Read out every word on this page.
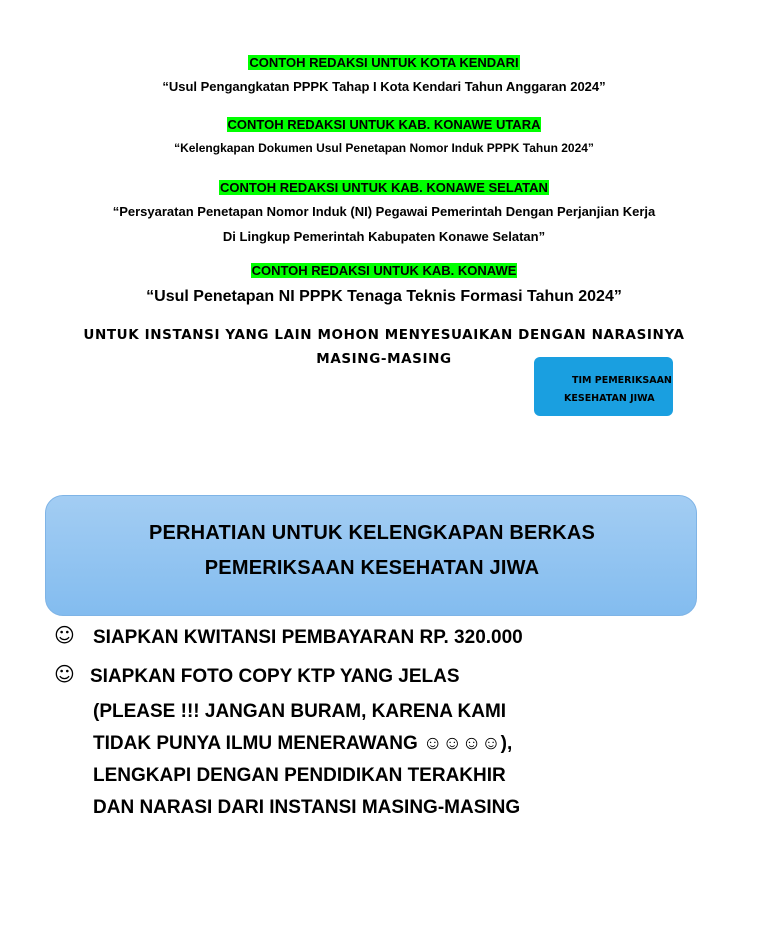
CONTOH REDAKSI UNTUK KOTA KENDARI
“Usul Pengangkatan PPPK Tahap I Kota Kendari Tahun Anggaran 2024”
CONTOH REDAKSI UNTUK KAB. KONAWE UTARA
“Kelengkapan Dokumen Usul Penetapan Nomor Induk PPPK Tahun 2024”
CONTOH REDAKSI UNTUK KAB. KONAWE SELATAN
“Persyaratan Penetapan Nomor Induk (NI) Pegawai Pemerintah Dengan Perjanjian Kerja
Di Lingkup Pemerintah Kabupaten Konawe Selatan”
CONTOH REDAKSI UNTUK KAB. KONAWE
“Usul Penetapan NI PPPK Tenaga Teknis Formasi Tahun 2024”
UNTUK INSTANSI YANG LAIN MOHON MENYESUAIKAN DENGAN NARASINYA
MASING-MASING
TIM PEMERIKSAAN
KESEHATAN JIWA
PERHATIAN UNTUK KELENGKAPAN BERKAS
PEMERIKSAAN KESEHATAN JIWA
☺ SIAPKAN KWITANSI PEMBAYARAN RP. 320.000
☺ SIAPKAN FOTO COPY KTP YANG JELAS
(PLEASE !!! JANGAN BURAM, KARENA KAMI
TIDAK PUNYA ILMU MENERAWANG ☺☺☺☺),
LENGKAPI DENGAN PENDIDIKAN TERAKHIR
DAN NARASI DARI INSTANSI MASING-MASING
